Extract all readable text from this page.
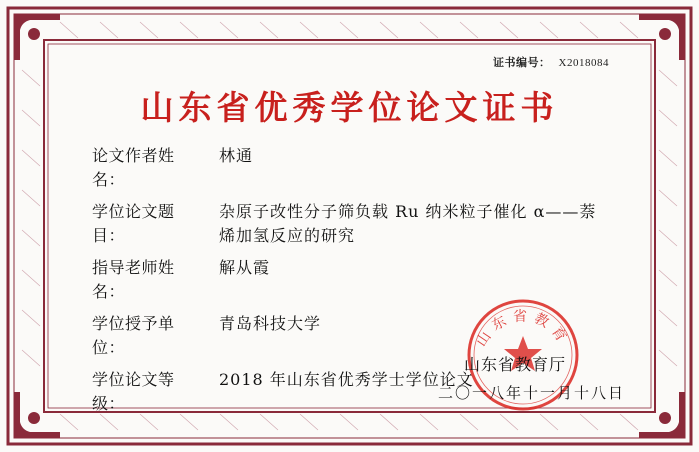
证书编号： X2018084
山东省优秀学位论文证书
论文作者姓名：
林通
学位论文题目：
杂原子改性分子筛负载 Ru 纳米粒子催化 α——萘烯加氢反应的研究
指导老师姓名：
解从霞
学位授予单位：
青岛科技大学
学位论文等级：
2018 年山东省优秀学士学位论文
山东省教育
山东省教育厅
二〇一八年十一月十八日
